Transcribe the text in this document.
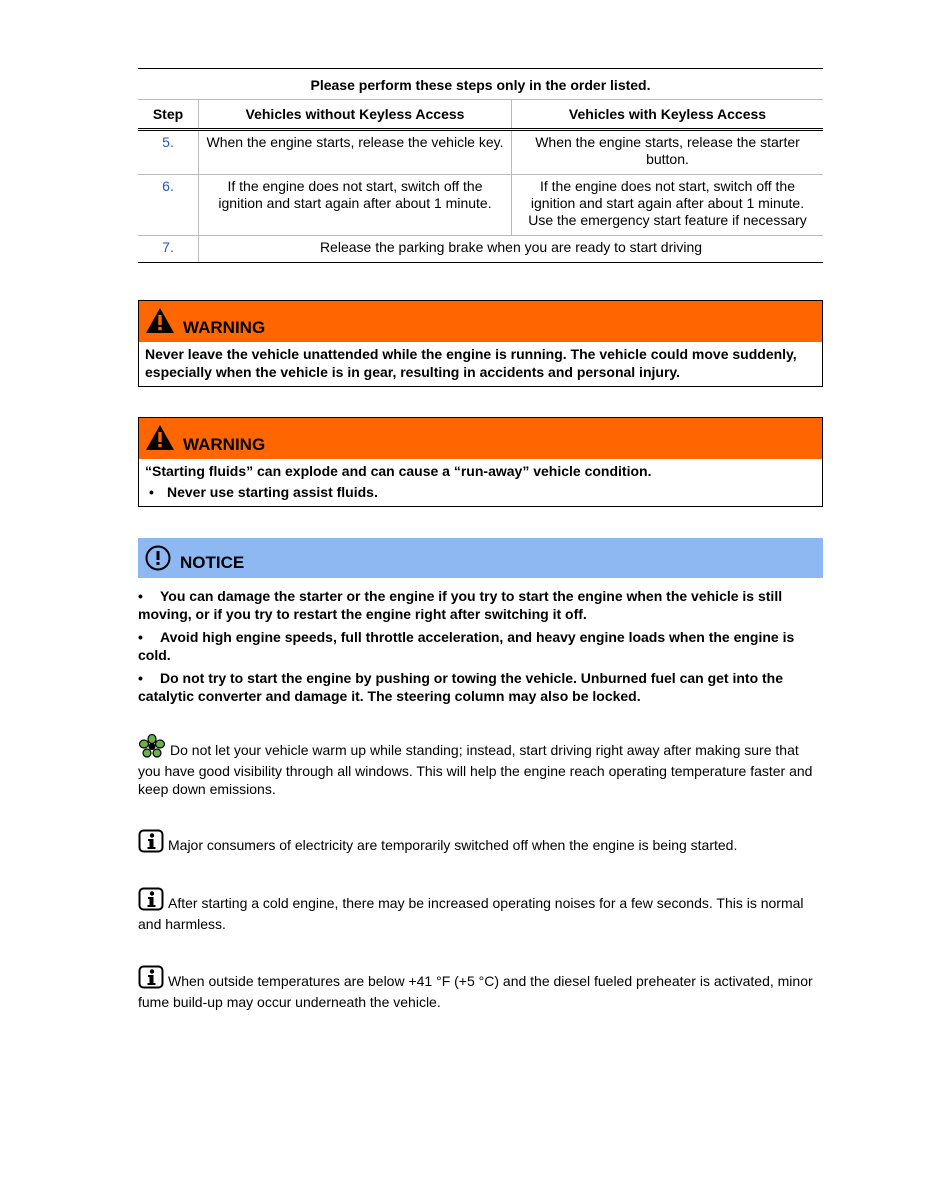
Please perform these steps only in the order listed.		
Step	Vehicles without Keyless Access	Vehicles with Keyless Access
5.	When the engine starts, release the vehicle key.	When the engine starts, release the starter button.
6.	If the engine does not start, switch off the ignition and start again after about 1 minute.	If the engine does not start, switch off the ignition and start again after about 1 minute. Use the emergency start feature if necessary
7.	Release the parking brake when you are ready to start driving	
WARNING
Never leave the vehicle unattended while the engine is running. The vehicle could move suddenly, especially when the vehicle is in gear, resulting in accidents and personal injury.
WARNING
“Starting fluids” can explode and can cause a “run-away” vehicle condition.
• Never use starting assist fluids.
NOTICE
• You can damage the starter or the engine if you try to start the engine when the vehicle is still moving, or if you try to restart the engine right after switching it off.
• Avoid high engine speeds, full throttle acceleration, and heavy engine loads when the engine is cold.
• Do not try to start the engine by pushing or towing the vehicle. Unburned fuel can get into the catalytic converter and damage it. The steering column may also be locked.
Do not let your vehicle warm up while standing; instead, start driving right away after making sure that you have good visibility through all windows. This will help the engine reach operating temperature faster and keep down emissions.
Major consumers of electricity are temporarily switched off when the engine is being started.
After starting a cold engine, there may be increased operating noises for a few seconds. This is normal and harmless.
When outside temperatures are below +41 °F (+5 °C) and the diesel fueled preheater is activated, minor fume build-up may occur underneath the vehicle.
